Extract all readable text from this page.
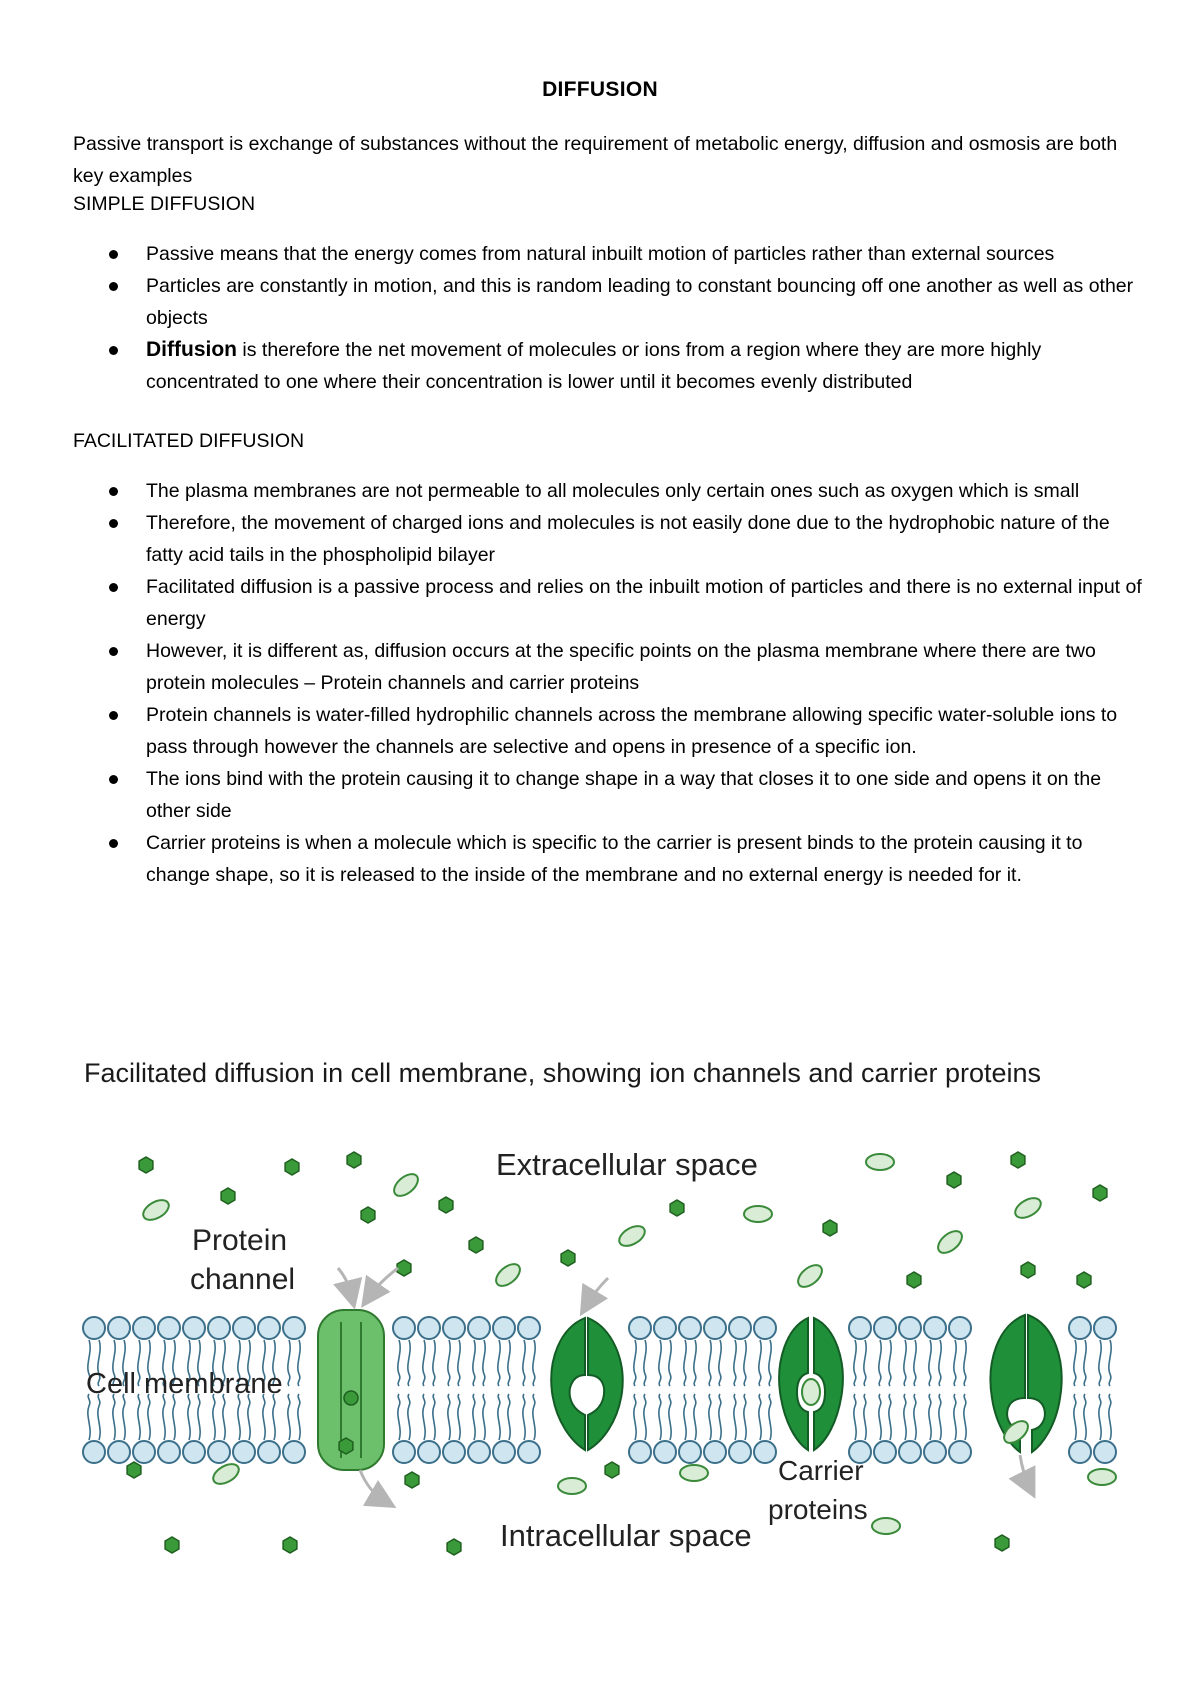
DIFFUSION

Passive transport is exchange of substances without the requirement of metabolic energy, diffusion and osmosis are both key examples

SIMPLE DIFFUSION
Passive means that the energy comes from natural inbuilt motion of particles rather than external sources
Particles are constantly in motion, and this is random leading to constant bouncing off one another as well as other objects
Diffusion is therefore the net movement of molecules or ions from a region where they are more highly concentrated to one where their concentration is lower until it becomes evenly distributed
FACILITATED DIFFUSION
The plasma membranes are not permeable to all molecules only certain ones such as oxygen which is small
Therefore, the movement of charged ions and molecules is not easily done due to the hydrophobic nature of the fatty acid tails in the phospholipid bilayer
Facilitated diffusion is a passive process and relies on the inbuilt motion of particles and there is no external input of energy
However, it is different as, diffusion occurs at the specific points on the plasma membrane where there are two protein molecules – Protein channels and carrier proteins
Protein channels is water-filled hydrophilic channels across the membrane allowing specific water-soluble ions to pass through however the channels are selective and opens in presence of a specific ion.
The ions bind with the protein causing it to change shape in a way that closes it to one side and opens it on the other side
Carrier proteins is when a molecule which is specific to the carrier is present binds to the protein causing it to change shape, so it is released to the inside of the membrane and no external energy is needed for it.

Facilitated diffusion in cell membrane, showing ion channels and carrier proteins

Extracellular space
Intracellular space
Protein
channel
Cell membrane
Carrier
proteins
